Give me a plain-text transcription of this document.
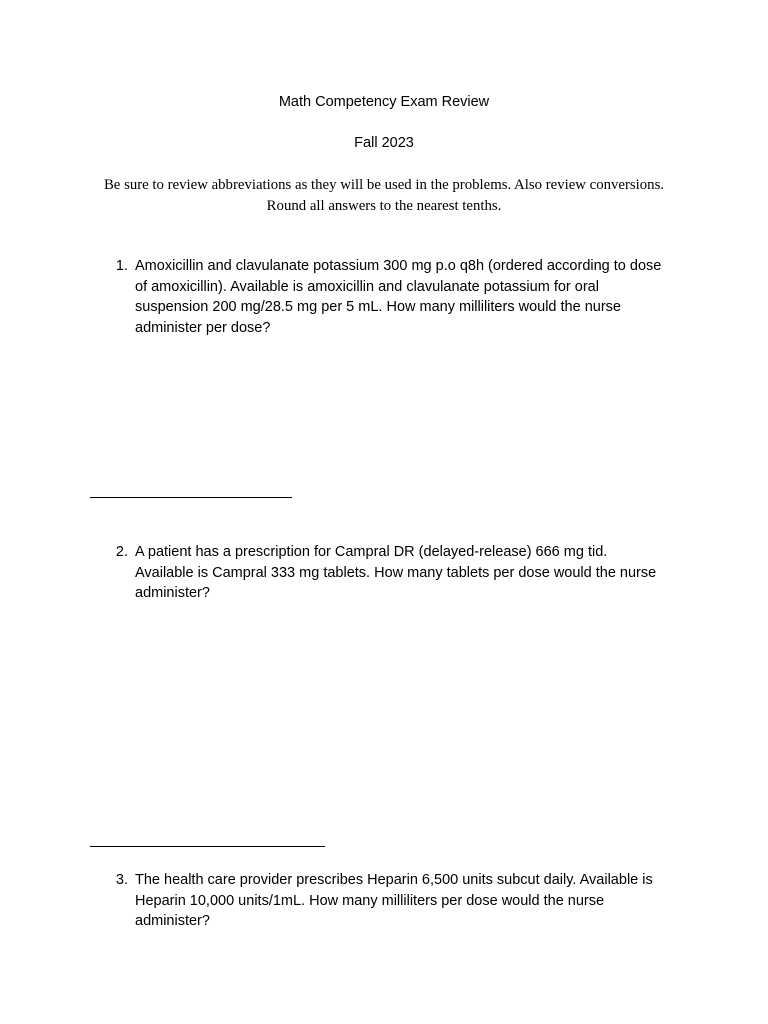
Math Competency Exam Review

Fall 2023

Be sure to review abbreviations as they will be used in the problems. Also review conversions. Round all answers to the nearest tenths.

1. Amoxicillin and clavulanate potassium 300 mg p.o q8h (ordered according to dose of amoxicillin). Available is amoxicillin and clavulanate potassium for oral suspension 200 mg/28.5 mg per 5 mL. How many milliliters would the nurse administer per dose?
2. A patient has a prescription for Campral DR (delayed-release) 666 mg tid. Available is Campral 333 mg tablets. How many tablets per dose would the nurse administer?
3. The health care provider prescribes Heparin 6,500 units subcut daily. Available is Heparin 10,000 units/1mL. How many milliliters per dose would the nurse administer?
